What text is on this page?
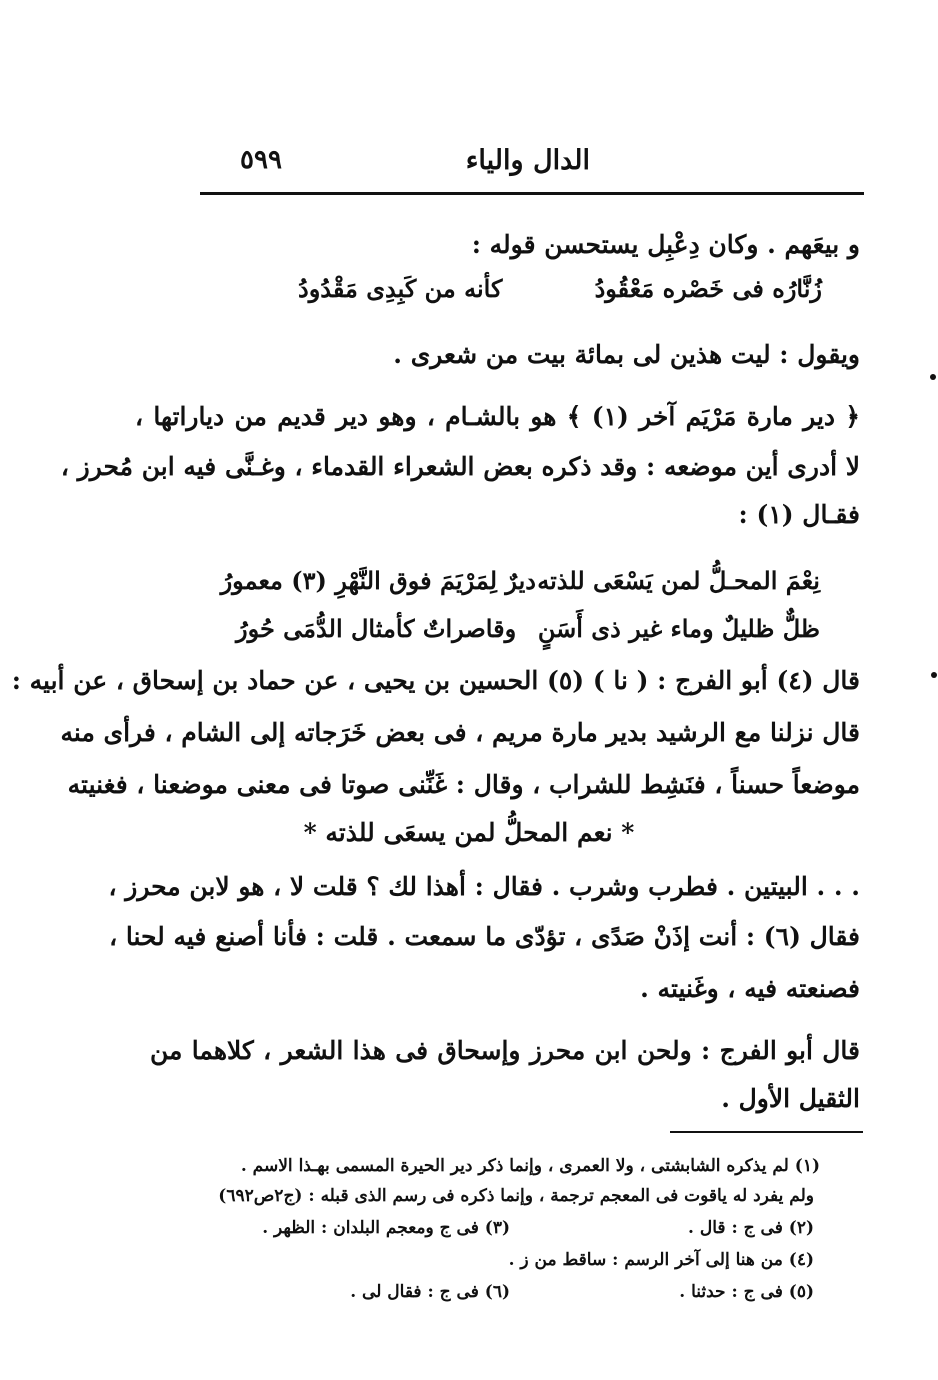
الدال والياء
٥٩٩
و بيعَهم . وكان دِعْبِل يستحسن قوله :
زُنَّارُه فى خَصْره مَعْقُودُ
كأنه من كَبِدِى مَقْدُودُ
ويقول : ليت هذين لى بمائة بيت من شعرى .
﴿ دير مارة مَرْيَم آخر (١) ﴾ هو بالشـام ، وهو دير قديم من دياراتها ،
لا أدرى أين موضعه : وقد ذكره بعض الشعراء القدماء ، وغـنَّى فيه ابن مُحرز ،
فقـال (١) :
نِعْمَ المحـلُّ لمن يَسْعَى للذته
ديرٌ لِمَرْيَمَ فوق النَّهْرِ (٣) معمورُ
ظلٌّ ظليلٌ وماء غير ذى أَسَنٍ
وقاصراتٌ كأمثال الدُّمَى حُورُ
قال (٤) أبو الفرج : ( نا ) (٥) الحسين بن يحيى ، عن حماد بن إسحاق ، عن أبيه :
قال نزلنا مع الرشيد بدير مارة مريم ، فى بعض خَرَجاته إلى الشام ، فرأى منه
موضعاً حسناً ، فنَشِط للشراب ، وقال : غَنِّنى صوتا فى معنى موضعنا ، فغنيته
* نعم المحلُّ لمن يسعَى للذته *
. . . البيتين . فطرب وشرب . فقال : أهذا لك ؟ قلت لا ، هو لابن محرز ،
فقال (٦) : أنت إذَنْ صَدًى ، تؤدّى ما سمعت . قلت : فأنا أصنع فيه لحنا ،
فصنعته فيه ، وغَنيته .
قال أبو الفرج : ولحن ابن محرز وإسحاق فى هذا الشعر ، كلاهما من
الثقيل الأول .
(١) لم يذكره الشابشتى ، ولا العمرى ، وإنما ذكر دير الحيرة المسمى بهـذا الاسم .
ولم يفرد له ياقوت فى المعجم ترجمة ، وإنما ذكره فى رسم الذى قبله : (ج٢ص٦٩٢)
(٢) فى ج : قال .
(٣) فى ج ومعجم البلدان : الظهر .
(٤) من هنا إلى آخر الرسم : ساقط من ز .
(٥) فى ج : حدثنا .
(٦) فى ج : فقال لى .
